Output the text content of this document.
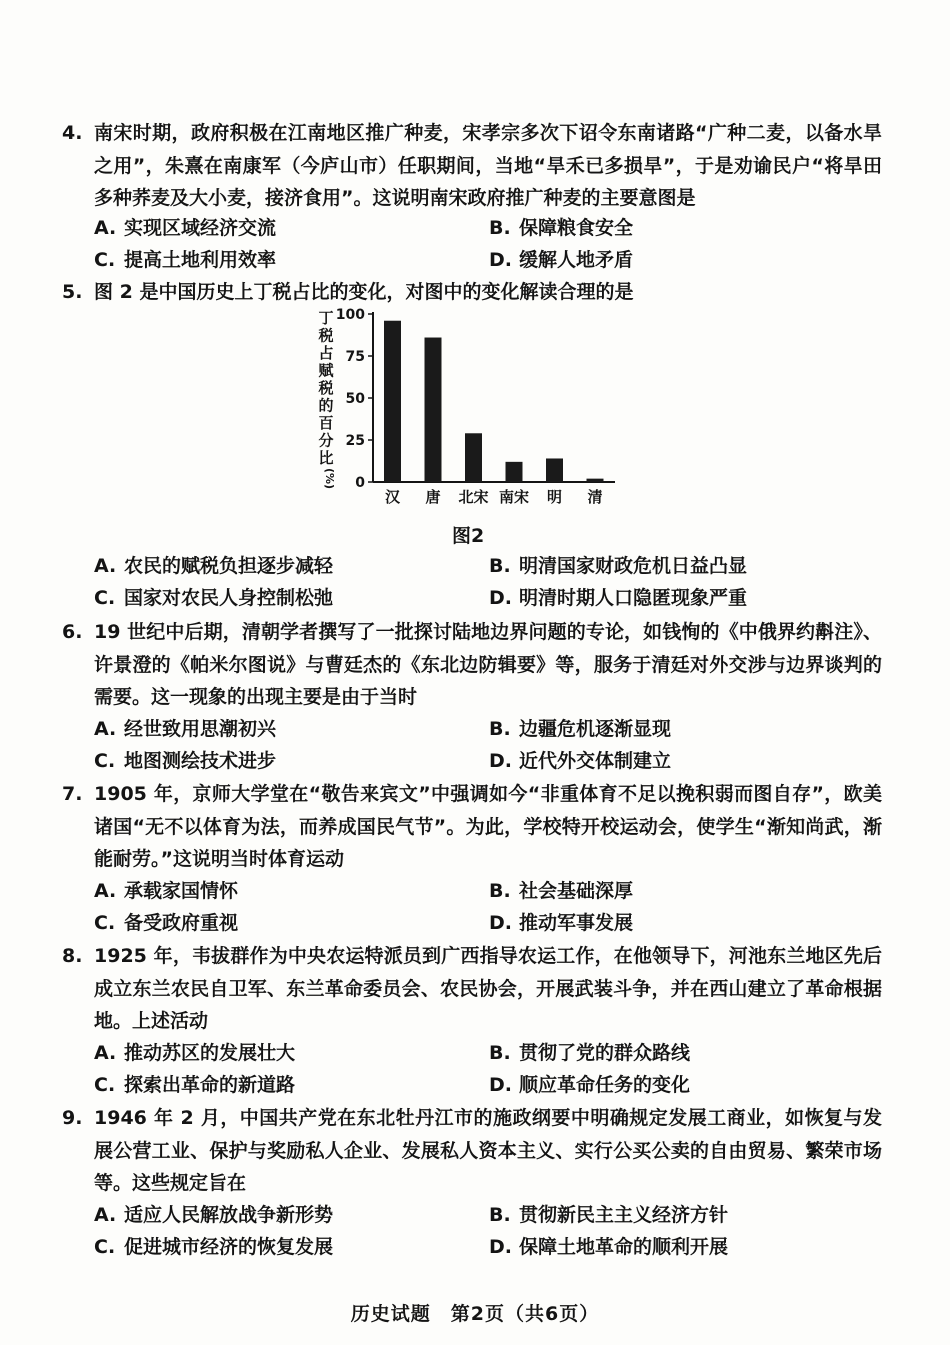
4. 南宋时期，政府积极在江南地区推广种麦，宋孝宗多次下诏令东南诸路“广种二麦，以备水旱之用”，朱熹在南康军（今庐山市）任职期间，当地“旱禾已多损旱”，于是劝谕民户“将旱田多种荞麦及大小麦，接济食用”。这说明南宋政府推广种麦的主要意图是
A. 实现区域经济交流	B. 保障粮食安全
C. 提高土地利用效率	D. 缓解人地矛盾
5. 图 2 是中国历史上丁税占比的变化，对图中的变化解读合理的是
丁
税
占
赋
税
的
百
分
比
(%) 0
25
50
75
100
汉 唐 北宋 南宋 明 清
图2
A. 农民的赋税负担逐步减轻	B. 明清国家财政危机日益凸显
C. 国家对农民人身控制松弛	D. 明清时期人口隐匿现象严重
6. 19 世纪中后期，清朝学者撰写了一批探讨陆地边界问题的专论，如钱恂的《中俄界约斠注》、许景澄的《帕米尔图说》与曹廷杰的《东北边防辑要》等，服务于清廷对外交涉与边界谈判的需要。这一现象的出现主要是由于当时
A. 经世致用思潮初兴	B. 边疆危机逐渐显现
C. 地图测绘技术进步	D. 近代外交体制建立
7. 1905 年，京师大学堂在“敬告来宾文”中强调如今“非重体育不足以挽积弱而图自存”，欧美诸国“无不以体育为法，而养成国民气节”。为此，学校特开校运动会，使学生“渐知尚武，渐能耐劳。”这说明当时体育运动
A. 承载家国情怀	B. 社会基础深厚
C. 备受政府重视	D. 推动军事发展
8. 1925 年，韦拔群作为中央农运特派员到广西指导农运工作，在他领导下，河池东兰地区先后成立东兰农民自卫军、东兰革命委员会、农民协会，开展武装斗争，并在西山建立了革命根据地。上述活动
A. 推动苏区的发展壮大	B. 贯彻了党的群众路线
C. 探索出革命的新道路	D. 顺应革命任务的变化
9. 1946 年 2 月，中国共产党在东北牡丹江市的施政纲要中明确规定发展工商业，如恢复与发展公营工业、保护与奖励私人企业、发展私人资本主义、实行公买公卖的自由贸易、繁荣市场等。这些规定旨在
A. 适应人民解放战争新形势	B. 贯彻新民主主义经济方针
C. 促进城市经济的恢复发展	D. 保障土地革命的顺利开展
历史试题　第2页（共6页）
